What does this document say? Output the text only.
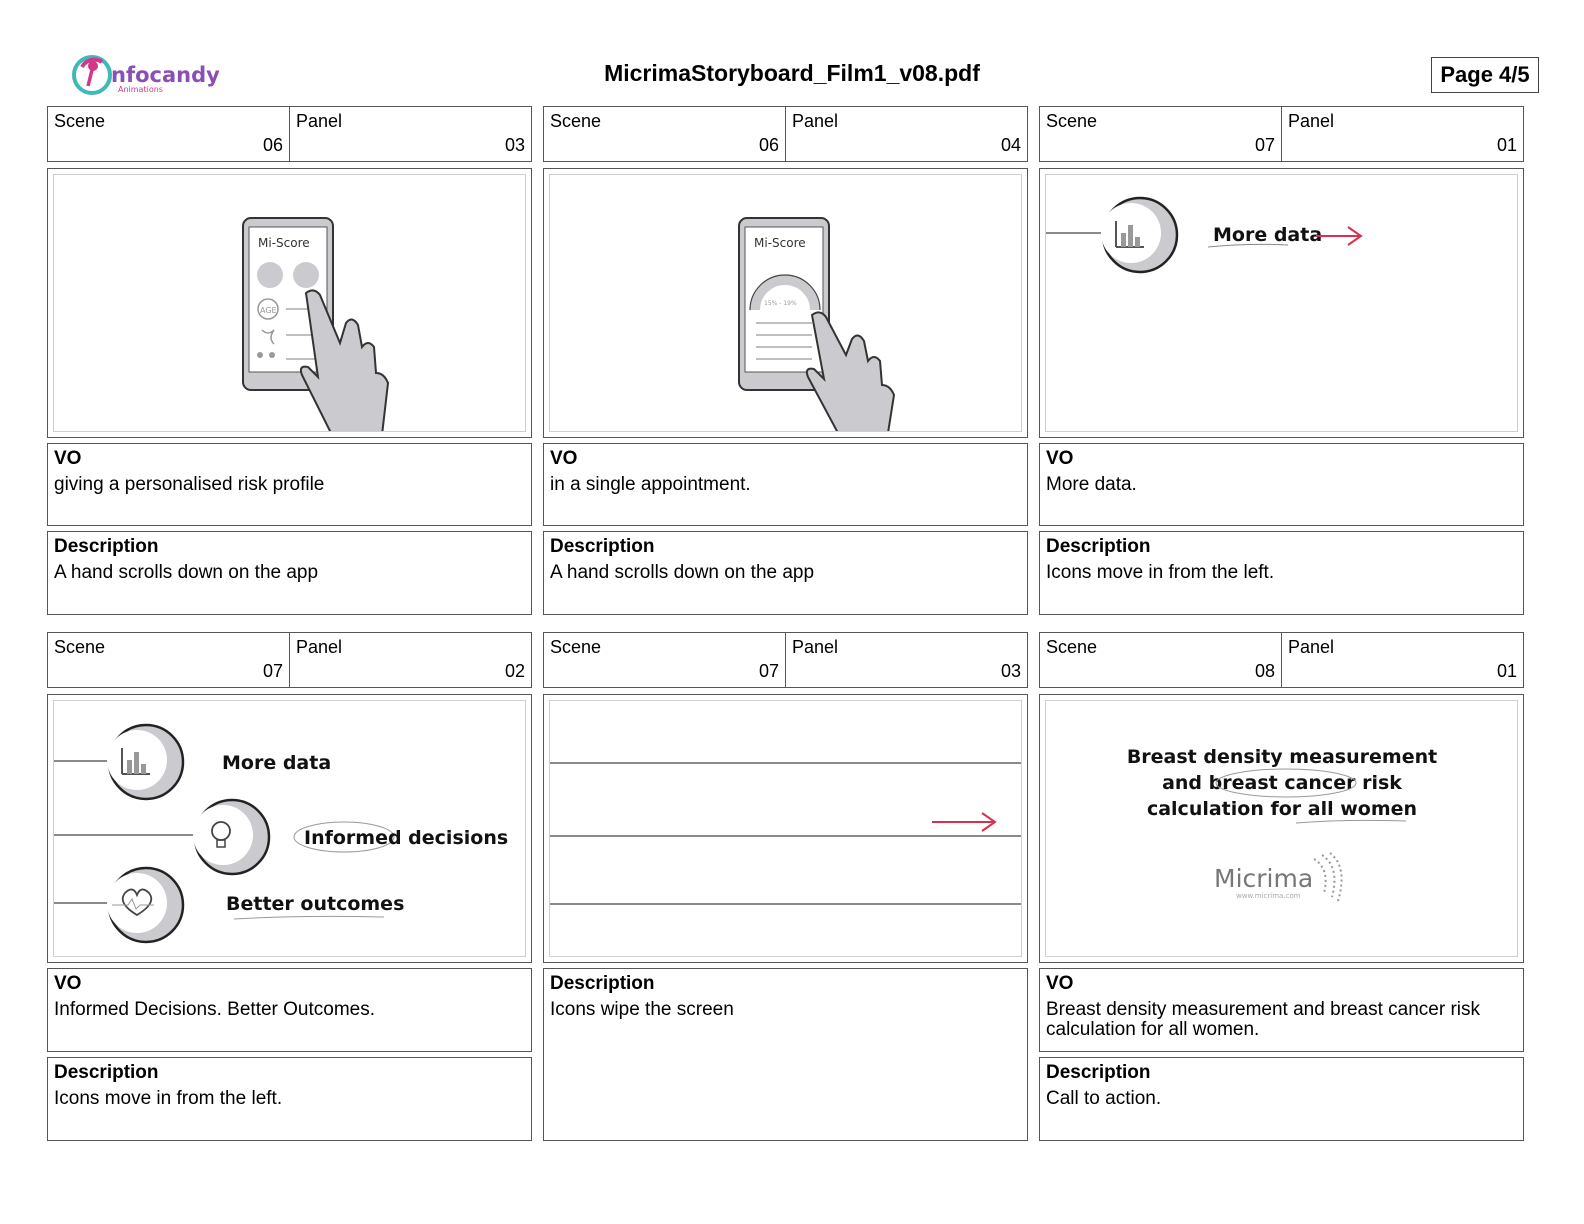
nfocandy
Animations
MicrimaStoryboard_Film1_v08.pdf	Page 4/5
Scene
06
Panel
03
Mi-Score
AGE
VO
giving a personalised risk profile
Description
A hand scrolls down on the app
Scene
06
Panel
04
Mi-Score
15% - 19%
VO
in a single appointment.
Description
A hand scrolls down on the app
Scene
07
Panel
01
More data
VO
More data.
Description
Icons move in from the left.
Scene
07
Panel
02
More data
Informed decisions
Better outcomes
VO
Informed Decisions. Better Outcomes.
Description
Icons move in from the left.
Scene
07
Panel
03
Description
Icons wipe the screen
Scene
08
Panel
01
Breast density measurement
and breast cancer risk
calculation for all women
Micrima
www.micrima.com
VO
Breast density measurement and breast cancer risk calculation for all women.
Description
Call to action.
